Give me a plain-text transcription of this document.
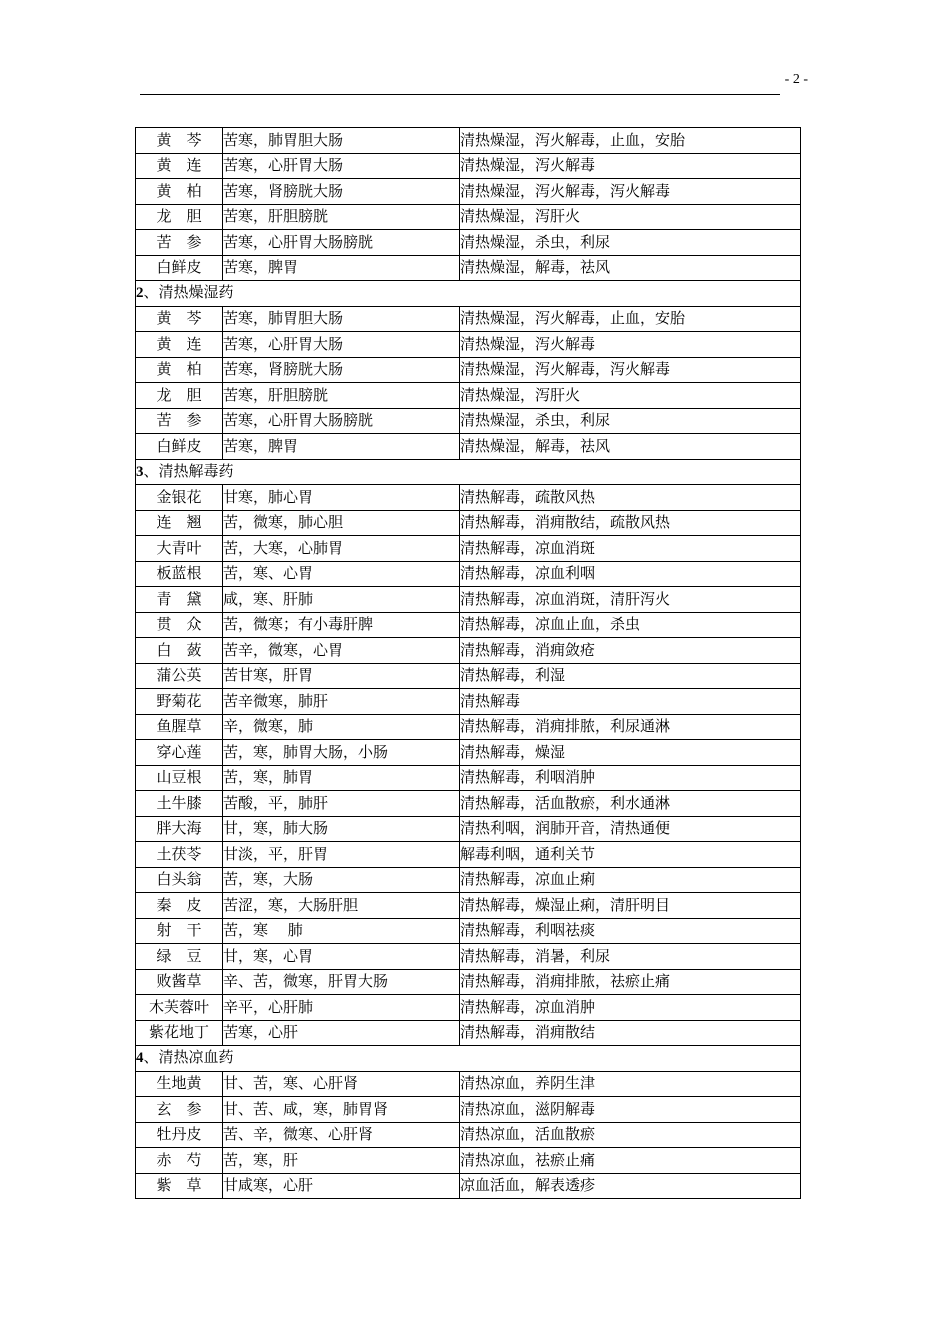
- 2 -
黄　芩	苦寒，肺胃胆大肠	清热燥湿，泻火解毒，止血，安胎
黄　连	苦寒，心肝胃大肠	清热燥湿，泻火解毒
黄　柏	苦寒，肾膀胱大肠	清热燥湿，泻火解毒，泻火解毒
龙　胆	苦寒，肝胆膀胱	清热燥湿，泻肝火
苦　参	苦寒，心肝胃大肠膀胱	清热燥湿，杀虫，利尿
白鲜皮	苦寒，脾胃	清热燥湿，解毒，祛风
2、清热燥湿药		
黄　芩	苦寒，肺胃胆大肠	清热燥湿，泻火解毒，止血，安胎
黄　连	苦寒，心肝胃大肠	清热燥湿，泻火解毒
黄　柏	苦寒，肾膀胱大肠	清热燥湿，泻火解毒，泻火解毒
龙　胆	苦寒，肝胆膀胱	清热燥湿，泻肝火
苦　参	苦寒，心肝胃大肠膀胱	清热燥湿，杀虫，利尿
白鲜皮	苦寒，脾胃	清热燥湿，解毒，祛风
3、清热解毒药		
金银花	甘寒，肺心胃	清热解毒，疏散风热
连　翘	苦，微寒，肺心胆	清热解毒，消痈散结，疏散风热
大青叶	苦，大寒，心肺胃	清热解毒，凉血消斑
板蓝根	苦，寒、心胃	清热解毒，凉血利咽
青　黛	咸，寒、肝肺	清热解毒，凉血消斑，清肝泻火
贯　众	苦，微寒；有小毒肝脾	清热解毒，凉血止血，杀虫
白　蔹	苦辛，微寒，心胃	清热解毒，消痈敛疮
蒲公英	苦甘寒，肝胃	清热解毒，利湿
野菊花	苦辛微寒，肺肝	清热解毒
鱼腥草	辛，微寒，肺	清热解毒，消痈排脓，利尿通淋
穿心莲	苦，寒，肺胃大肠，小肠	清热解毒，燥湿
山豆根	苦，寒，肺胃	清热解毒，利咽消肿
土牛膝	苦酸，平，肺肝	清热解毒，活血散瘀，利水通淋
胖大海	甘，寒，肺大肠	清热利咽，润肺开音，清热通便
土茯苓	甘淡，平，肝胃	解毒利咽，通利关节
白头翁	苦，寒，大肠	清热解毒，凉血止痢
秦　皮	苦涩，寒，大肠肝胆	清热解毒，燥湿止痢，清肝明目
射　干	苦，寒　 肺	清热解毒，利咽祛痰
绿　豆	甘，寒，心胃	清热解毒，消暑，利尿
败酱草	辛、苦，微寒，肝胃大肠	清热解毒，消痈排脓，祛瘀止痛
木芙蓉叶	辛平，心肝肺	清热解毒，凉血消肿
紫花地丁	苦寒，心肝	清热解毒，消痈散结
4、清热凉血药		
生地黄	甘、苦，寒、心肝肾	清热凉血，养阴生津
玄　参	甘、苦、咸，寒，肺胃肾	清热凉血，滋阴解毒
牡丹皮	苦、辛，微寒、心肝肾	清热凉血，活血散瘀
赤　芍	苦，寒，肝	清热凉血，祛瘀止痛
紫　草	甘咸寒，心肝	凉血活血，解表透疹
